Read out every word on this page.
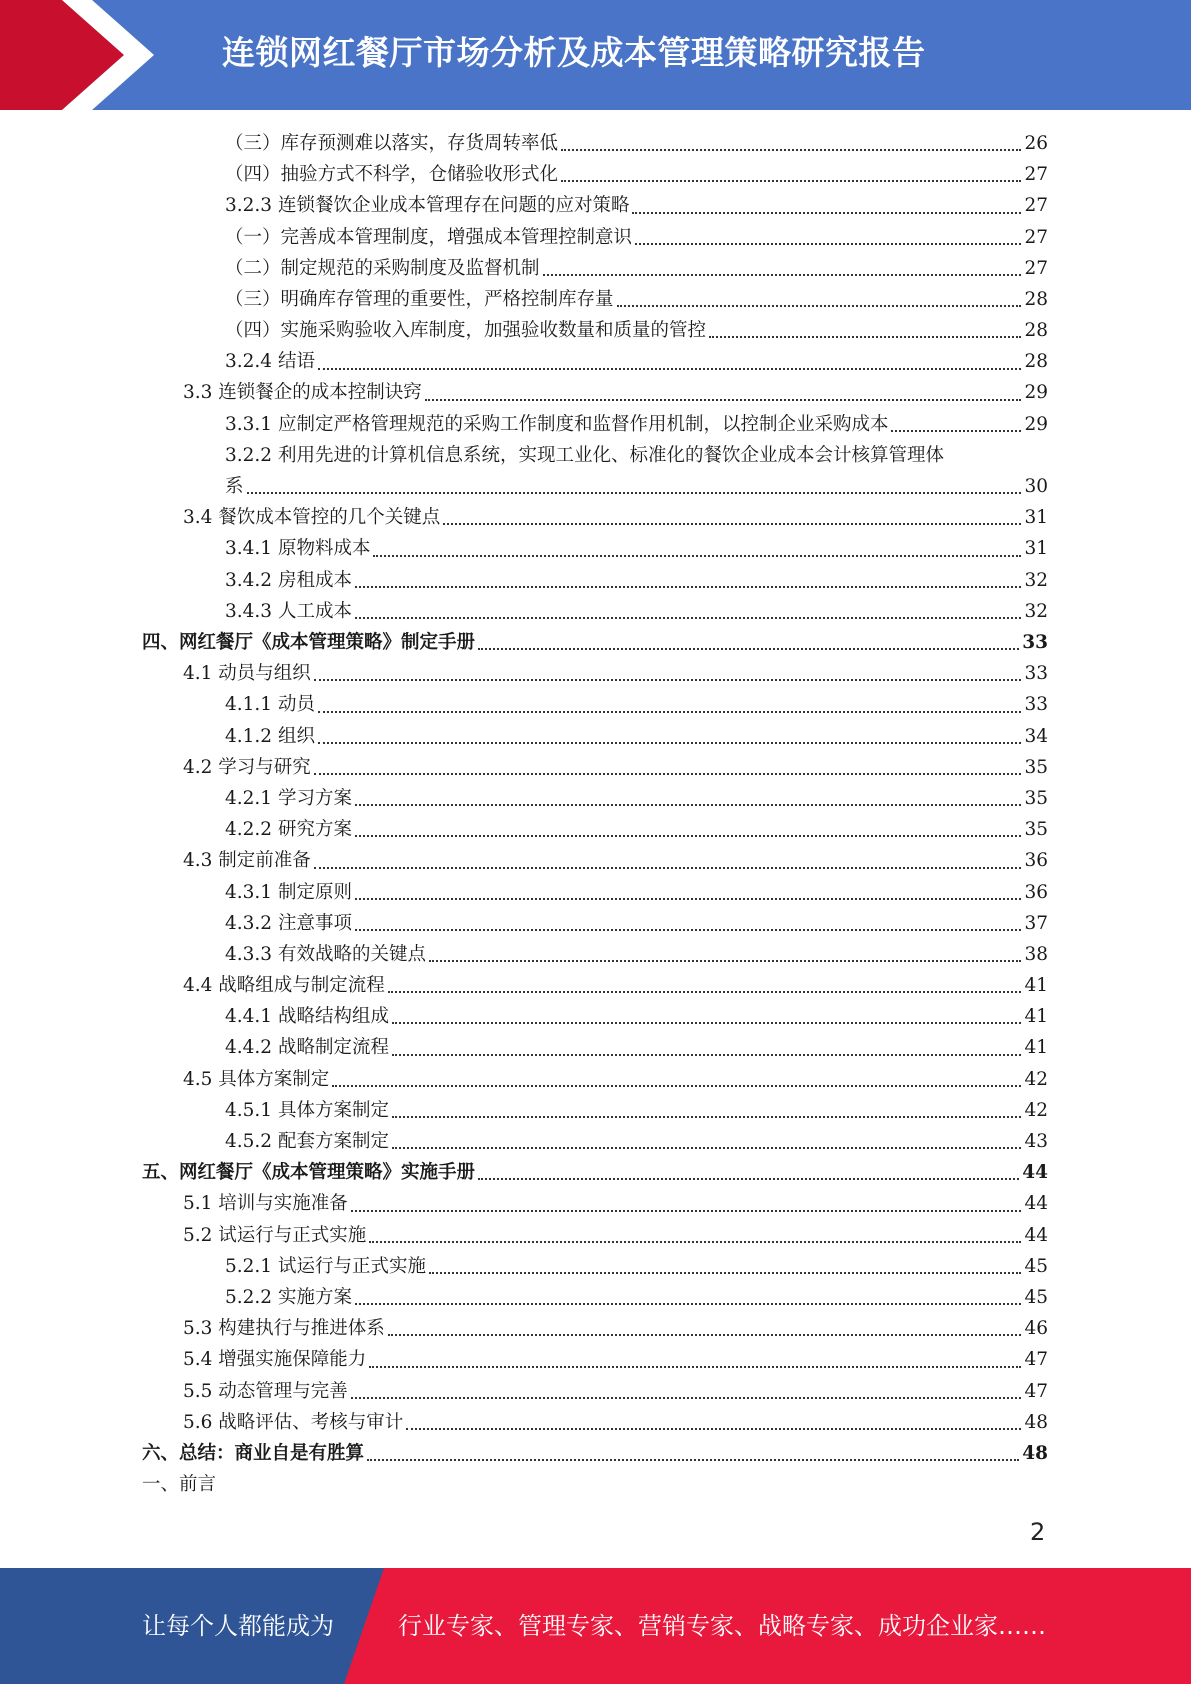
连锁网红餐厅市场分析及成本管理策略研究报告
（三）库存预测难以落实，存货周转率低	26
（四）抽验方式不科学，仓储验收形式化	27
3.2.3 连锁餐饮企业成本管理存在问题的应对策略	27
（一）完善成本管理制度，增强成本管理控制意识	27
（二）制定规范的采购制度及监督机制	27
（三）明确库存管理的重要性，严格控制库存量	28
（四）实施采购验收入库制度，加强验收数量和质量的管控	28
3.2.4 结语	28
3.3 连锁餐企的成本控制诀窍	29
3.3.1 应制定严格管理规范的采购工作制度和监督作用机制，以控制企业采购成本	29
3.2.2 利用先进的计算机信息系统，实现工业化、标准化的餐饮企业成本会计核算管理体
系	30
3.4 餐饮成本管控的几个关键点	31
3.4.1 原物料成本	31
3.4.2 房租成本	32
3.4.3 人工成本	32
四、网红餐厅《成本管理策略》制定手册	33
4.1 动员与组织	33
4.1.1 动员	33
4.1.2 组织	34
4.2 学习与研究	35
4.2.1 学习方案	35
4.2.2 研究方案	35
4.3 制定前准备	36
4.3.1 制定原则	36
4.3.2 注意事项	37
4.3.3 有效战略的关键点	38
4.4 战略组成与制定流程	41
4.4.1 战略结构组成	41
4.4.2 战略制定流程	41
4.5 具体方案制定	42
4.5.1 具体方案制定	42
4.5.2 配套方案制定	43
五、网红餐厅《成本管理策略》实施手册	44
5.1 培训与实施准备	44
5.2 试运行与正式实施	44
5.2.1 试运行与正式实施	45
5.2.2 实施方案	45
5.3 构建执行与推进体系	46
5.4 增强实施保障能力	47
5.5 动态管理与完善	47
5.6 战略评估、考核与审计	48
六、总结：商业自是有胜算	48
一、前言
2
让每个人都能成为	行业专家、管理专家、营销专家、战略专家、成功企业家……
